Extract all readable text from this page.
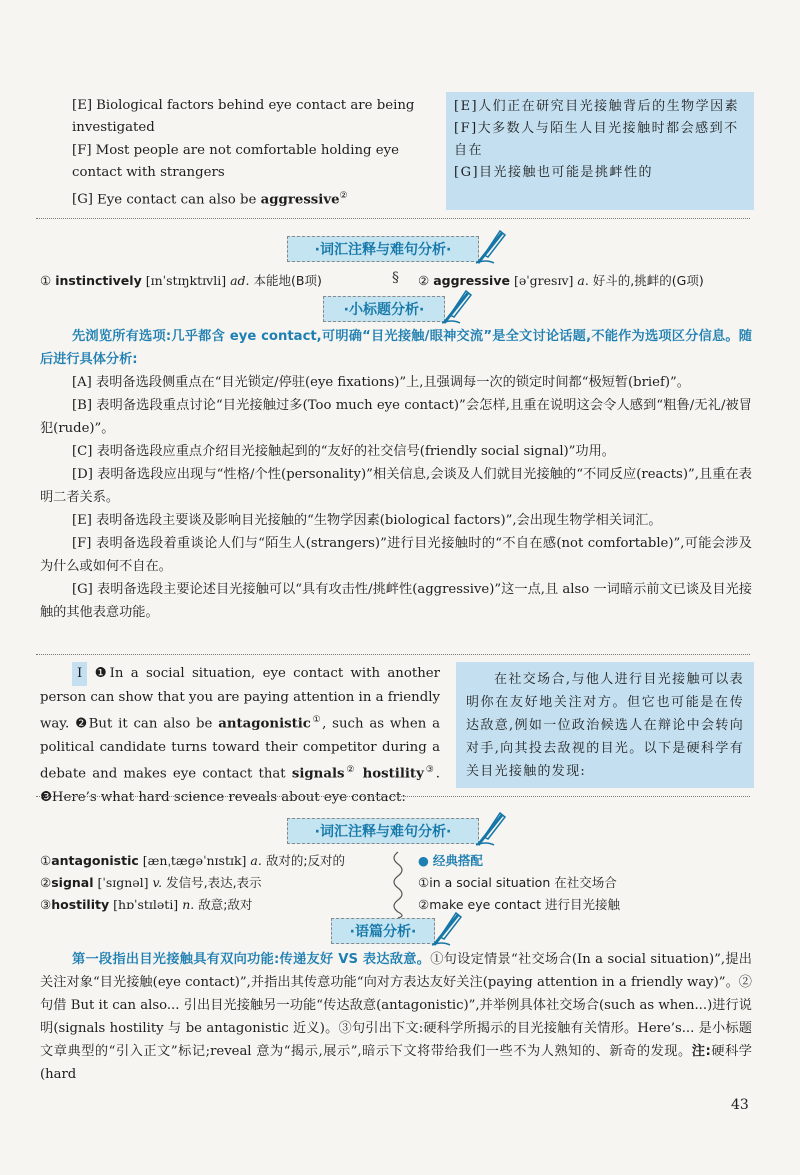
[E] Biological factors behind eye contact are being investigated
[F] Most people are not comfortable holding eye contact with strangers
[G] Eye contact can also be aggressive②
[E]人们正在研究目光接触背后的生物学因素
[F]大多数人与陌生人目光接触时都会感到不自在
[G]目光接触也可能是挑衅性的
·词汇注释与难句分析·
① instinctively [ɪnˈstɪŋktɪvli] ad. 本能地(B项)	§ ② aggressive [əˈgresɪv] a. 好斗的,挑衅的(G项)
·小标题分析·
先浏览所有选项:几乎都含 eye contact,可明确“目光接触/眼神交流”是全文讨论话题,不能作为选项区分信息。随后进行具体分析:
[A] 表明备选段侧重点在“目光锁定/停驻(eye fixations)”上,且强调每一次的锁定时间都“极短暂(brief)”。
[B] 表明备选段重点讨论“目光接触过多(Too much eye contact)”会怎样,且重在说明这会令人感到“粗鲁/无礼/被冒犯(rude)”。
[C] 表明备选段应重点介绍目光接触起到的“友好的社交信号(friendly social signal)”功用。
[D] 表明备选段应出现与“性格/个性(personality)”相关信息,会谈及人们就目光接触的“不同反应(reacts)”,且重在表明二者关系。
[E] 表明备选段主要谈及影响目光接触的“生物学因素(biological factors)”,会出现生物学相关词汇。
[F] 表明备选段着重谈论人们与“陌生人(strangers)”进行目光接触时的“不自在感(not comfortable)”,可能会涉及为什么或如何不自在。
[G] 表明备选段主要论述目光接触可以“具有攻击性/挑衅性(aggressive)”这一点,且 also 一词暗示前文已谈及目光接触的其他表意功能。
I ❶In a social situation, eye contact with another person can show that you are paying attention in a friendly way. ❷But it can also be antagonistic①, such as when a political candidate turns toward their competitor during a debate and makes eye contact that signals② hostility③. ❸Here’s what hard science reveals about eye contact:
在社交场合,与他人进行目光接触可以表明你在友好地关注对方。但它也可能是在传达敌意,例如一位政治候选人在辩论中会转向对手,向其投去敌视的目光。以下是硬科学有关目光接触的发现:
·词汇注释与难句分析·
①antagonistic [ænˌtægəˈnɪstɪk] a. 敌对的;反对的
②signal [ˈsɪgnəl] v. 发信号,表达,表示
③hostility [hɒˈstɪləti] n. 敌意;敌对
● 经典搭配
①in a social situation 在社交场合
②make eye contact 进行目光接触
·语篇分析·
第一段指出目光接触具有双向功能:传递友好 VS 表达敌意。①句设定情景“社交场合(In a social situation)”,提出关注对象“目光接触(eye contact)”,并指出其传意功能“向对方表达友好关注(paying attention in a friendly way)”。②句借 But it can also... 引出目光接触另一功能“传达敌意(antagonistic)”,并举例具体社交场合(such as when...)进行说明(signals hostility 与 be antagonistic 近义)。③句引出下文:硬科学所揭示的目光接触有关情形。Here’s... 是小标题文章典型的“引入正文”标记;reveal 意为“揭示,展示”,暗示下文将带给我们一些不为人熟知的、新奇的发现。注:硬科学(hard
43
